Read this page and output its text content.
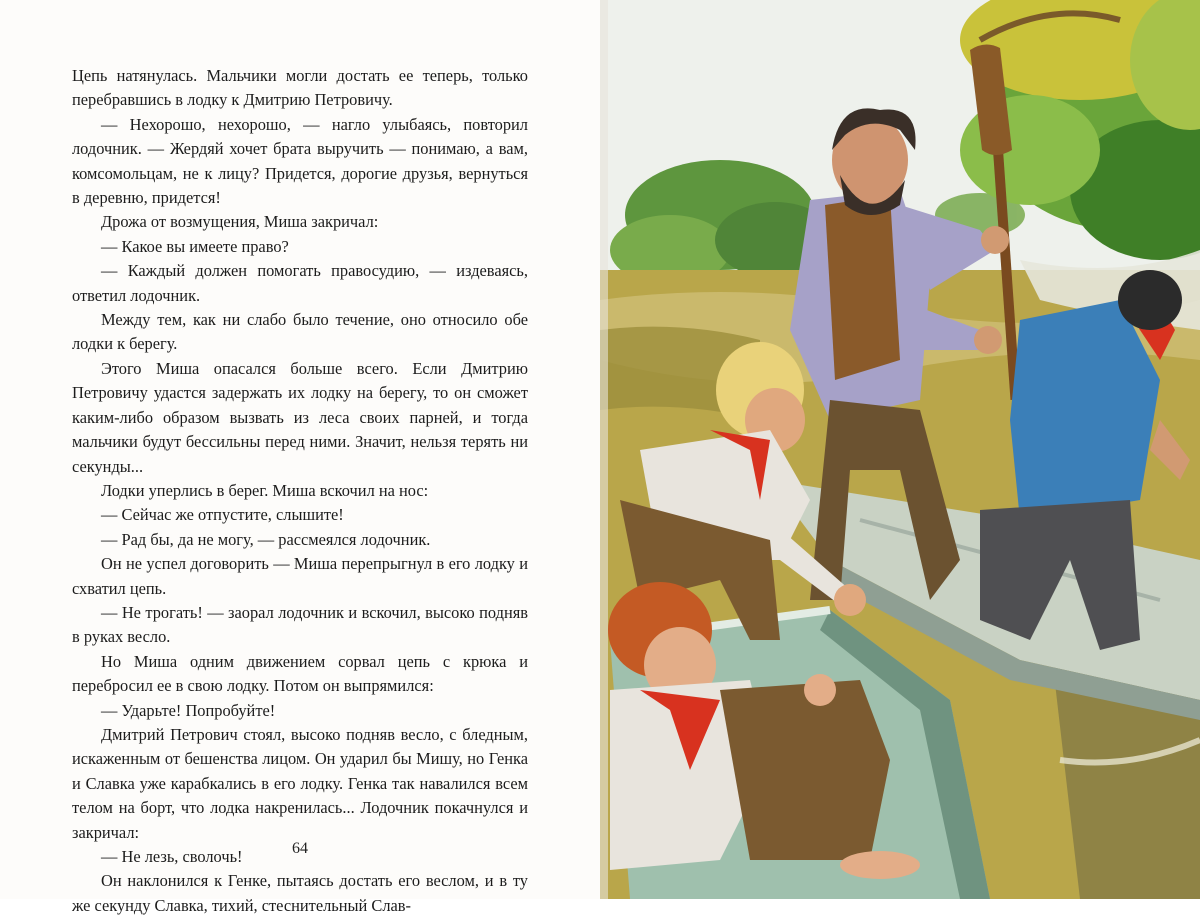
Цепь натянулась. Мальчики могли достать ее теперь, только перебравшись в лодку к Дмитрию Петровичу.

— Нехорошо, нехорошо, — нагло улыбаясь, повторил лодочник. — Жердяй хочет брата выручить — понимаю, а вам, комсомольцам, не к лицу? Придется, дорогие друзья, вернуться в деревню, придется!

Дрожа от возмущения, Миша закричал:

— Какое вы имеете право?

— Каждый должен помогать правосудию, — издеваясь, ответил лодочник.

Между тем, как ни слабо было течение, оно относило обе лодки к берегу.

Этого Миша опасался больше всего. Если Дмитрию Петровичу удастся задержать их лодку на берегу, то он сможет каким-либо образом вызвать из леса своих парней, и тогда мальчики будут бессильны перед ними. Значит, нельзя терять ни секунды...

Лодки уперлись в берег. Миша вскочил на нос:

— Сейчас же отпустите, слышите!

— Рад бы, да не могу, — рассмеялся лодочник.

Он не успел договорить — Миша перепрыгнул в его лодку и схватил цепь.

— Не трогать! — заорал лодочник и вскочил, высоко подняв в руках весло.

Но Миша одним движением сорвал цепь с крюка и перебросил ее в свою лодку. Потом он выпрямился:

— Ударьте! Попробуйте!

Дмитрий Петрович стоял, высоко подняв весло, с бледным, искаженным от бешенства лицом. Он ударил бы Мишу, но Генка и Славка уже карабкались в его лодку. Генка так навалился всем телом на борт, что лодка накренилась... Лодочник покачнулся и закричал:

— Не лезь, сволочь!

Он наклонился к Генке, пытаясь достать его веслом, и в ту же секунду Славка, тихий, стеснительный Слав-

64
